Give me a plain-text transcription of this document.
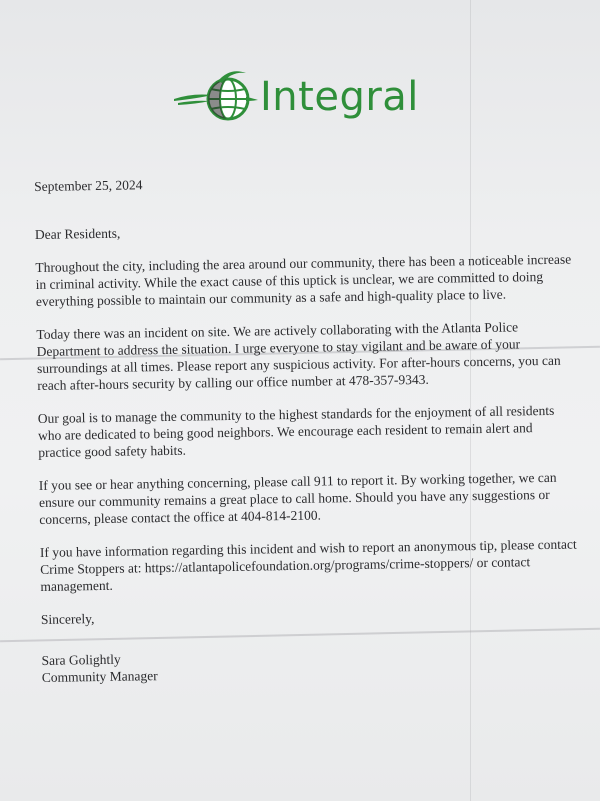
Integral

September 25, 2024

Dear Residents,

Throughout the city, including the area around our community, there has been a noticeable increase in criminal activity. While the exact cause of this uptick is unclear, we are committed to doing everything possible to maintain our community as a safe and high-quality place to live.

Today there was an incident on site. We are actively collaborating with the Atlanta Police Department to address the situation. I urge everyone to stay vigilant and be aware of your surroundings at all times. Please report any suspicious activity. For after-hours concerns, you can reach after-hours security by calling our office number at 478-357-9343.

Our goal is to manage the community to the highest standards for the enjoyment of all residents who are dedicated to being good neighbors. We encourage each resident to remain alert and practice good safety habits.

If you see or hear anything concerning, please call 911 to report it. By working together, we can ensure our community remains a great place to call home. Should you have any suggestions or concerns, please contact the office at 404-814-2100.

If you have information regarding this incident and wish to report an anonymous tip, please contact Crime Stoppers at: https://atlantapolicefoundation.org/programs/crime-stoppers/ or contact management.

Sincerely,

Sara Golightly

Community Manager
